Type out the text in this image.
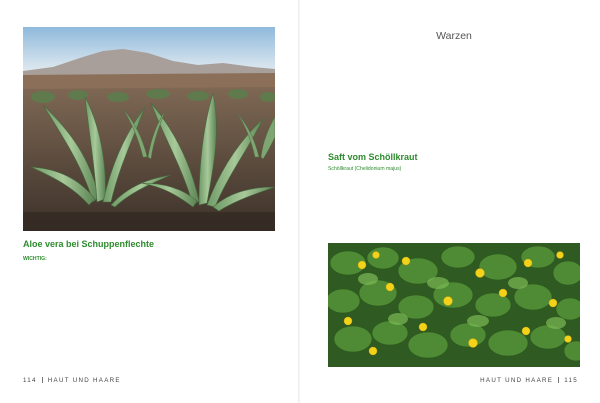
Aloe vera bei Schuppenflechte

WICHTIG:

114 HAUT UND HAARE
Warzen

Saft vom Schöllkraut

Schöllkraut (Chelidonium majus)

HAUT UND HAARE 115
